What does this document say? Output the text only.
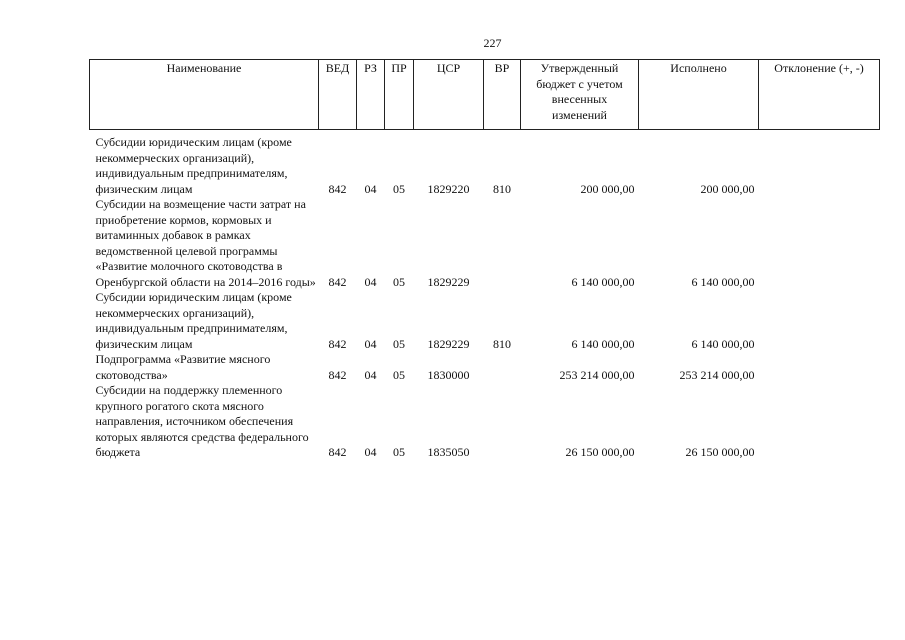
227
Наименование	ВЕД	РЗ	ПР	ЦСР	ВР	Утвержденный бюджет с учетом внесенных изменений	Исполнено	Отклонение (+, -)
Субсидии юридическим лицам (кроме некоммерческих организаций), индивидуальным предпринимателям, физическим лицам	842	04	05	1829220	810	200 000,00	200 000,00	
Субсидии на возмещение части затрат на приобретение кормов, кормовых и витаминных добавок в рамках ведомственной целевой программы «Развитие молочного скотоводства в Оренбургской области на 2014–2016 годы»	842	04	05	1829229		6 140 000,00	6 140 000,00	
Субсидии юридическим лицам (кроме некоммерческих организаций), индивидуальным предпринимателям, физическим лицам	842	04	05	1829229	810	6 140 000,00	6 140 000,00	
Подпрограмма «Развитие мясного скотоводства»	842	04	05	1830000		253 214 000,00	253 214 000,00	
Субсидии на поддержку племенного крупного рогатого скота мясного направления, источником обеспечения которых являются средства федерального бюджета	842	04	05	1835050		26 150 000,00	26 150 000,00	
